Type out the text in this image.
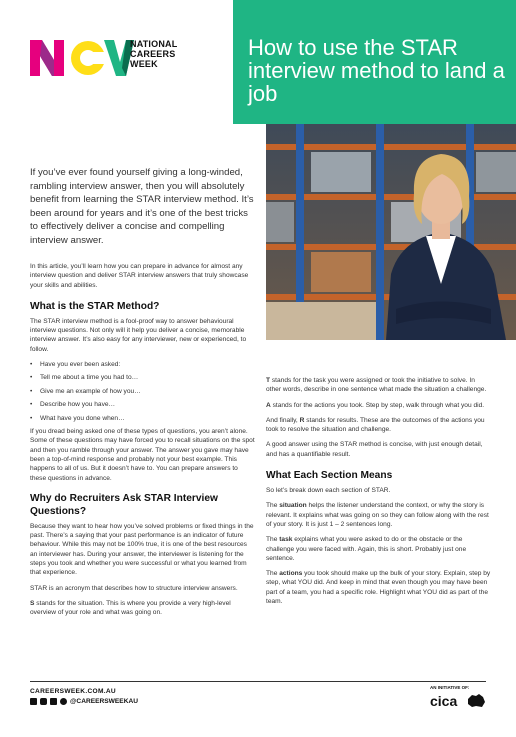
How to use the STAR interview method to land a job
NATIONAL
CAREERS
WEEK

If you’ve ever found yourself giving a long-winded, rambling interview answer, then you will absolutely benefit from learning the STAR interview method. It’s been around for years and it’s one of the best tricks to effectively deliver a concise and compelling interview answer.

In this article, you’ll learn how you can prepare in advance for almost any interview question and deliver STAR interview answers that truly showcase your skills and abilities.

What is the STAR Method?

The STAR interview method is a fool-proof way to answer behavioural interview questions. Not only will it help you deliver a concise, memorable interview answer. It’s also easy for any interviewer, new or experienced, to follow.

• Have you ever been asked:
• Tell me about a time you had to…
• Give me an example of how you…
• Describe how you have…
• What have you done when…

If you dread being asked one of these types of questions, you aren’t alone. Some of these questions may have forced you to recall situations on the spot and then you ramble through your answer. The answer you gave may have been a top-of-mind response and probably not your best example. This happens to all of us. But it doesn’t have to. You can prepare answers to these questions in advance.

Why do Recruiters Ask STAR Interview Questions?

Because they want to hear how you’ve solved problems or fixed things in the past. There’s a saying that your past performance is an indicator of future behaviour. While this may not be 100% true, it is one of the best resources an interviewer has. During your answer, the interviewer is listening for the steps you took and whether you were successful or what you learned from that experience.

STAR is an acronym that describes how to structure interview answers.

S stands for the situation. This is where you provide a very high-level overview of your role and what was going on.

T stands for the task you were assigned or took the initiative to solve. In other words, describe in one sentence what made the situation a challenge.

A stands for the actions you took. Step by step, walk through what you did.

And finally, R stands for results. These are the outcomes of the actions you took to resolve the situation and challenge.

A good answer using the STAR method is concise, with just enough detail, and has a quantifiable result.

What Each Section Means

So let’s break down each section of STAR.

The situation helps the listener understand the context, or why the story is relevant. It explains what was going on so they can follow along with the rest of your story. It is just 1 – 2 sentences long.

The task explains what you were asked to do or the obstacle or the challenge you were faced with. Again, this is short. Probably just one sentence.

The actions you took should make up the bulk of your story. Explain, step by step, what YOU did. And keep in mind that even though you may have been part of a team, you had a specific role. Highlight what YOU did as part of the team.

CAREERSWEEK.COM.AU
@CAREERSWEEKAU
AN INITIATIVE OF:
cica
